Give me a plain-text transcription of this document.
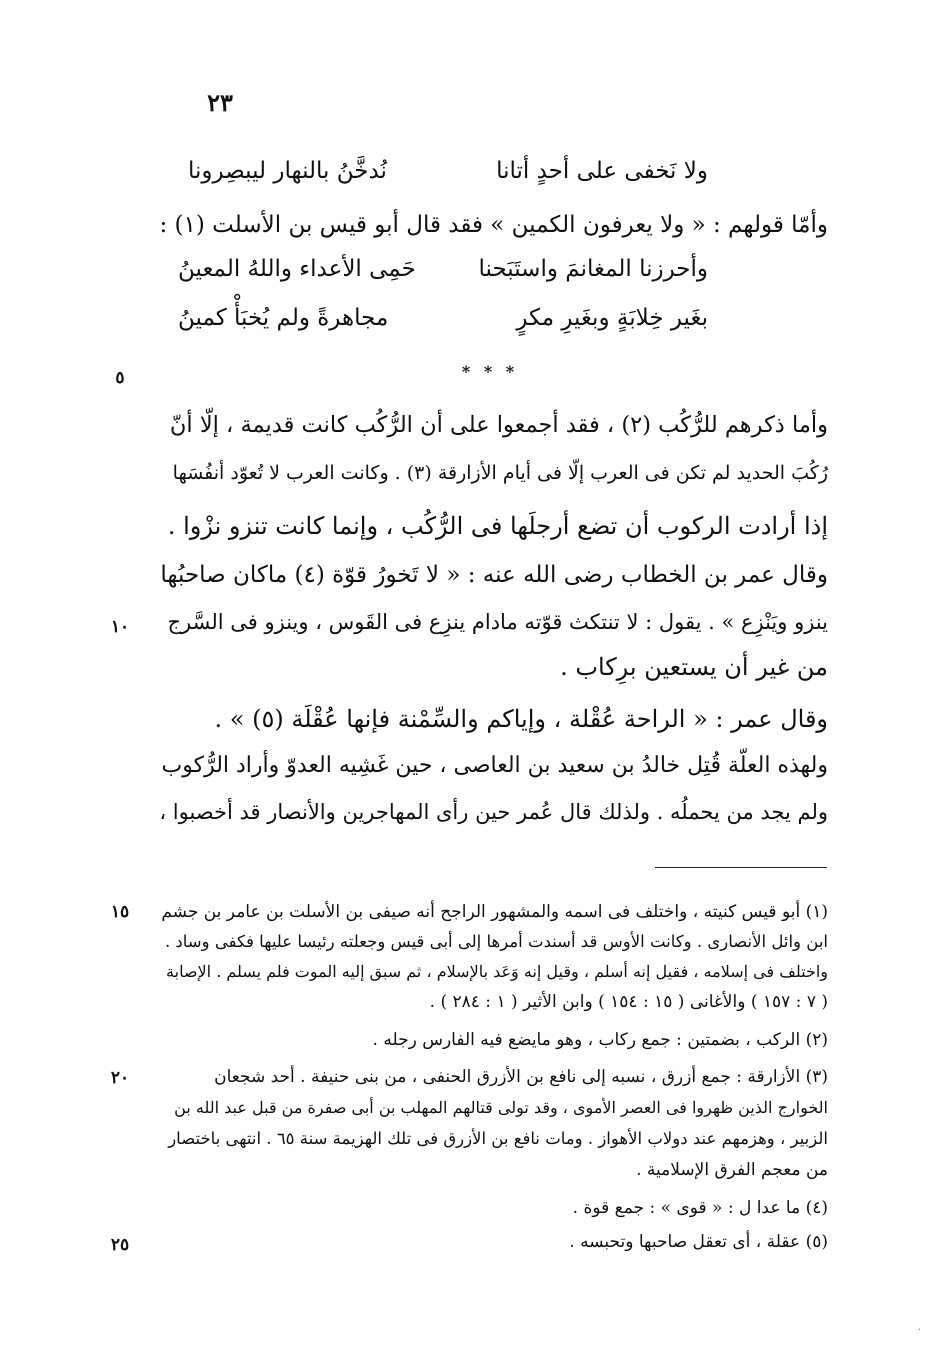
٢٣
ولا نَخفى على أحدٍ أتانا
نُدخَّنُ بالنهار ليبصِرونا
وأمّا قولهم : « ولا يعرفون الكمين » فقد قال أبو قيس بن الأسلت (١) :
وأحرزنا المغانمَ واستَبَحنا
حَمِى الأعداء واللهُ المعينُ
بغَير خِلابَةٍ وبغَيرِ مكرٍ
مجاهرةً ولم يُخبَأْ كمينُ
* * *
وأما ذكرهم للرُّكُب (٢) ، فقد أجمعوا على أن الرُّكُب كانت قديمة ، إلّا أنّ
رُكُبَ الحديد لم تكن فى العرب إلّا فى أيام الأزارقة (٣) . وكانت العرب لا تُعوّد أنفُسَها
إذا أرادت الركوب أن تضع أرجلَها فى الرُّكُب ، وإنما كانت تنزو نزْوا .
وقال عمر بن الخطاب رضى الله عنه : « لا تَخورُ قوّة (٤) ماكان صاحبُها
ينزو ويَنْزِع » . يقول : لا تنتكث قوّته مادام ينزِع فى القَوس ، وينزو فى السَّرج
من غير أن يستعين برِكاب .
وقال عمر : « الراحة عُقْلة ، وإياكم والسِّمْنة فإنها عُقْلَة (٥) » .
ولهذه العلّة قُتِل خالدُ بن سعيد بن العاصى ، حين غَشِيه العدوّ وأراد الرُّكوب
ولم يجد من يحملُه . ولذلك قال عُمر حين رأى المهاجرين والأنصار قد أخصبوا ،
(١) أبو قيس كنيته ، واختلف فى اسمه والمشهور الراجح أنه صيفى بن الأسلت بن عامر بن جشم
ابن وائل الأنصارى . وكانت الأوس قد أسندت أمرها إلى أبى قيس وجعلته رئيسا عليها فكفى وساد .
واختلف فى إسلامه ، فقيل إنه أسلم ، وقيل إنه وَعَد بالإسلام ، ثم سبق إليه الموت فلم يسلم . الإصابة
( ٧ : ١٥٧ ) والأغانى ( ١٥ : ١٥٤ ) وابن الأثير ( ١ : ٢٨٤ ) .
(٢) الركب ، بضمتين : جمع ركاب ، وهو مايضع فيه الفارس رجله .
(٣) الأزارقة : جمع أزرق ، نسبه إلى نافع بن الأزرق الحنفى ، من بنى حنيفة . أحد شجعان
الخوارج الذين ظهروا فى العصر الأموى ، وقد تولى قتالهم المهلب بن أبى صفرة من قبل عبد الله بن
الزبير ، وهزمهم عند دولاب الأهواز . ومات نافع بن الأزرق فى تلك الهزيمة سنة ٦٥ . انتهى باختصار
من معجم الفرق الإسلامية .
(٤) ما عدا ل : « قوى » : جمع قوة .
(٥) عقلة ، أى تعقل صاحبها وتحبسه .
٥
١٠
١٥
٢٠
٢٥
·
